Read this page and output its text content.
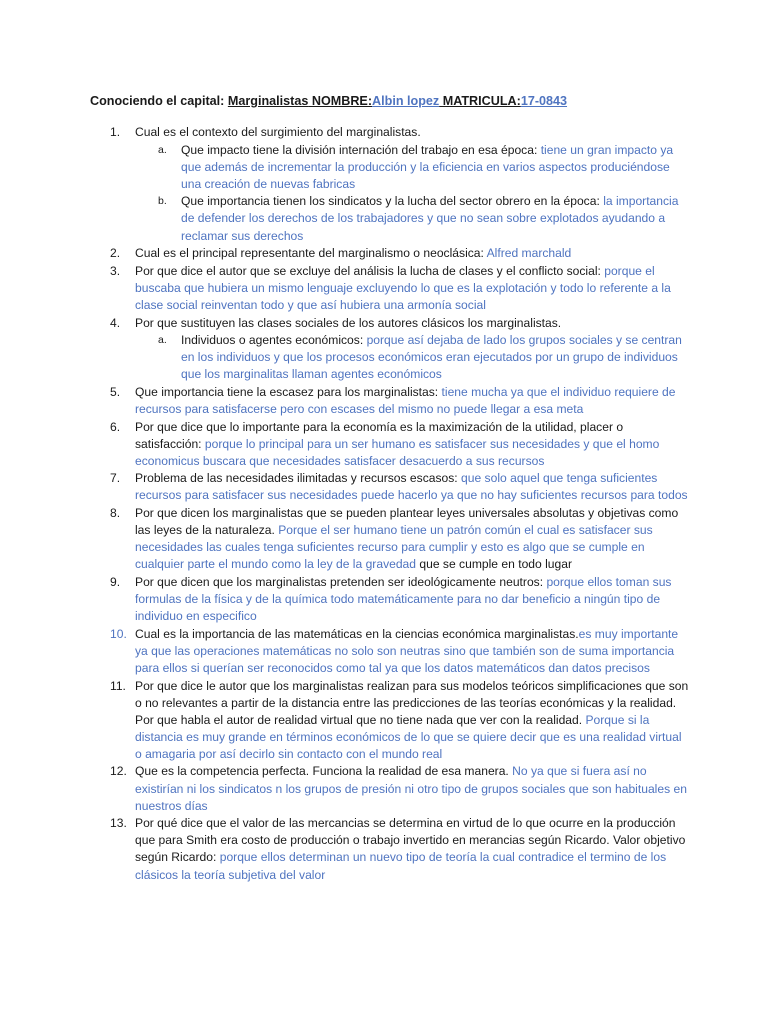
Conociendo el capital: Marginalistas NOMBRE:Albin lopez MATRICULA:17-0843
1. Cual es el contexto del surgimiento del marginalistas.
a. Que impacto tiene la división internación del trabajo en esa época: tiene un gran impacto ya que además de incrementar la producción y la eficiencia en varios aspectos produciéndose una creación de nuevas fabricas
b. Que importancia tienen los sindicatos y la lucha del sector obrero en la época: la importancia de defender los derechos de los trabajadores y que no sean sobre explotados ayudando a reclamar sus derechos
2. Cual es el principal representante del marginalismo o neoclásica: Alfred marchald
3. Por que dice el autor que se excluye del análisis la lucha de clases y el conflicto social: porque el buscaba que hubiera un mismo lenguaje excluyendo lo que es la explotación y todo lo referente a la clase social reinventan todo y que así hubiera una armonía social
4. Por que sustituyen las clases sociales de los autores clásicos los marginalistas.
a. Individuos o agentes económicos: porque así dejaba de lado los grupos sociales y se centran en los individuos y que los procesos económicos eran ejecutados por un grupo de individuos que los marginalitas llaman agentes económicos
5. Que importancia tiene la escasez para los marginalistas: tiene mucha ya que el individuo requiere de recursos para satisfacerse pero con escases del mismo no puede llegar a esa meta
6. Por que dice que lo importante para la economía es la maximización de la utilidad, placer o satisfacción: porque lo principal para un ser humano es satisfacer sus necesidades y que el homo economicus buscara que necesidades satisfacer desacuerdo a sus recursos
7. Problema de las necesidades ilimitadas y recursos escasos: que solo aquel que tenga suficientes recursos para satisfacer sus necesidades puede hacerlo ya que no hay suficientes recursos para todos
8. Por que dicen los marginalistas que se pueden plantear leyes universales absolutas y objetivas como las leyes de la naturaleza. Porque el ser humano tiene un patrón común el cual es satisfacer sus necesidades las cuales tenga suficientes recurso para cumplir y esto es algo que se cumple en cualquier parte el mundo como la ley de la gravedad que se cumple en todo lugar
9. Por que dicen que los marginalistas pretenden ser ideológicamente neutros: porque ellos toman sus formulas de la física y de la química todo matemáticamente para no dar beneficio a ningún tipo de individuo en especifico
10. Cual es la importancia de las matemáticas en la ciencias económica marginalistas.es muy importante ya que las operaciones matemáticas no solo son neutras sino que también son de suma importancia para ellos si querían ser reconocidos como tal ya que los datos matemáticos dan datos precisos
11. Por que dice le autor que los marginalistas realizan para sus modelos teóricos simplificaciones que son o no relevantes a partir de la distancia entre las predicciones de las teorías económicas y la realidad. Por que habla el autor de realidad virtual que no tiene nada que ver con la realidad. Porque si la distancia es muy grande en términos económicos de lo que se quiere decir que es una realidad virtual o amagaria por así decirlo sin contacto con el mundo real
12. Que es la competencia perfecta. Funciona la realidad de esa manera. No ya que si fuera así no existirían ni los sindicatos n los grupos de presión ni otro tipo de grupos sociales que son habituales en nuestros días
13. Por qué dice que el valor de las mercancias se determina en virtud de lo que ocurre en la producción que para Smith era costo de producción o trabajo invertido en merancias según Ricardo. Valor objetivo según Ricardo: porque ellos determinan un nuevo tipo de teoría la cual contradice el termino de los clásicos la teoría subjetiva del valor
